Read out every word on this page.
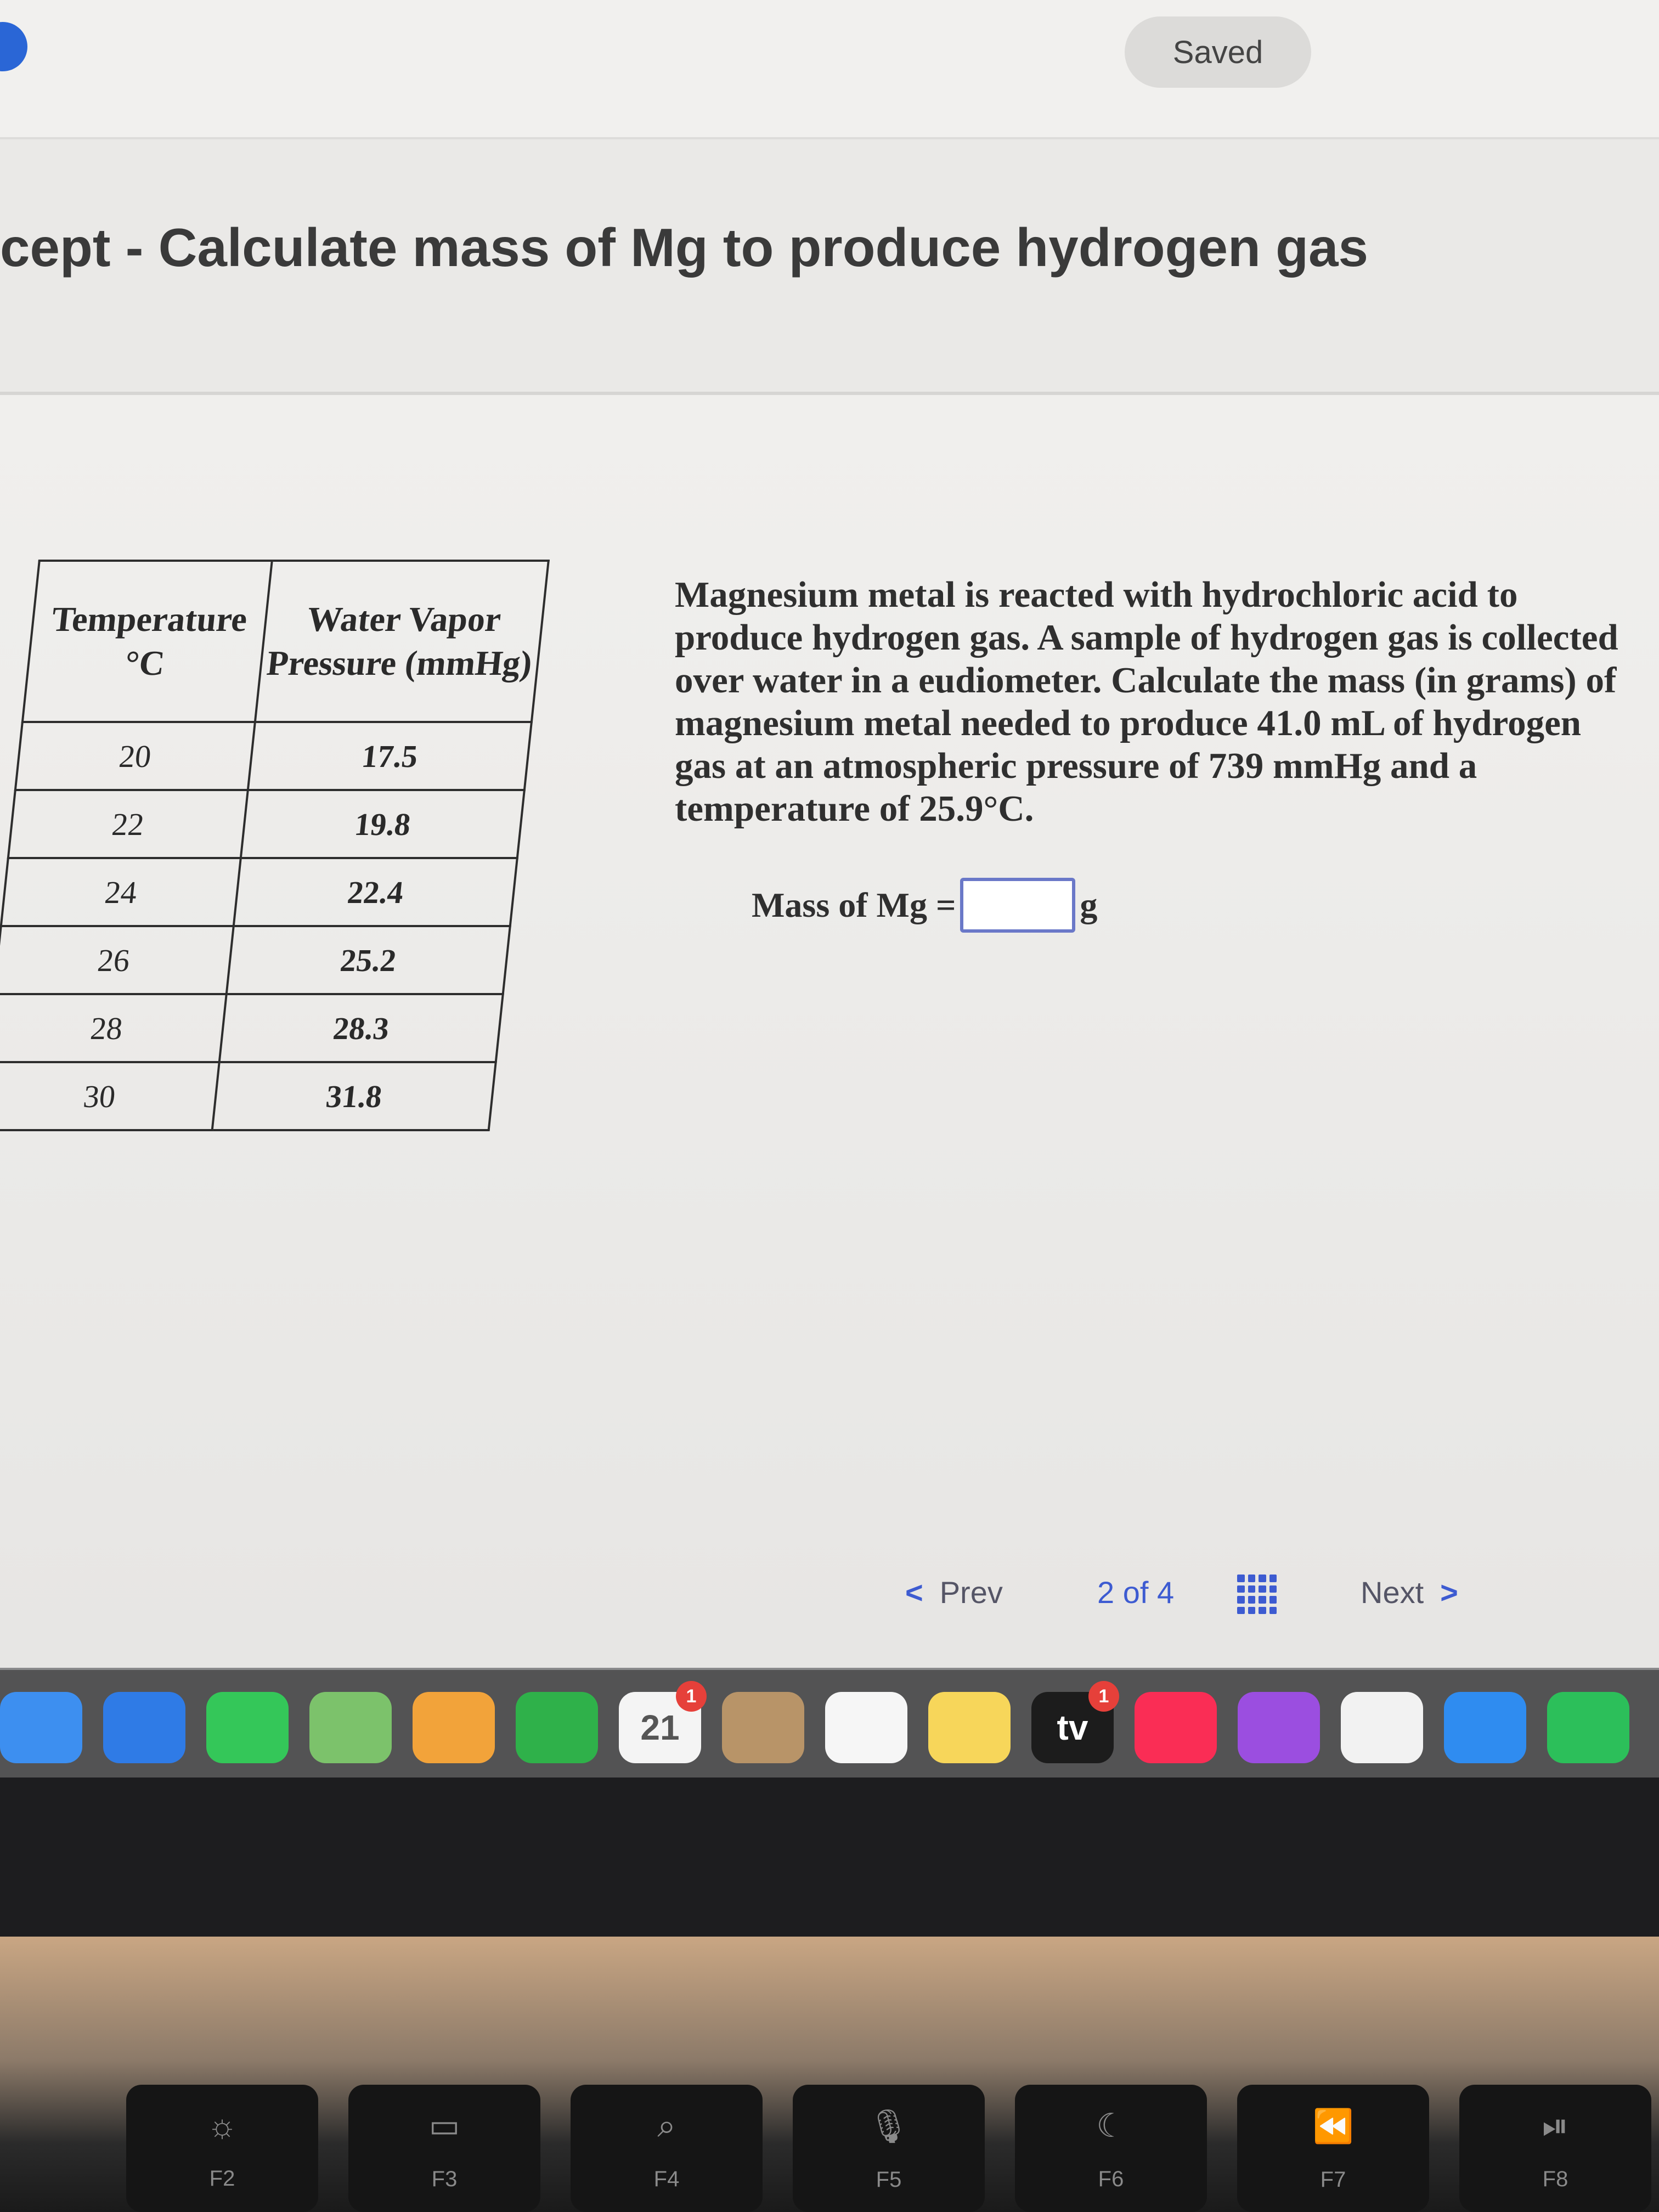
Saved
cept - Calculate mass of Mg to produce hydrogen gas
Temperature °C	Water Vapor Pressure (mmHg)
20	17.5
22	19.8
24	22.4
26	25.2
28	28.3
30	31.8

Magnesium metal is reacted with hydrochloric acid to produce hydrogen gas. A sample of hydrogen gas is collected over water in a eudiometer. Calculate the mass (in grams) of magnesium metal needed to produce 41.0 mL of hydrogen gas at an atmospheric pressure of 739 mmHg and a temperature of 25.9°C.

Mass of Mg =	g
< Prev	2 of 4	Next >
21
1
tv
1
☼
F2
▭
F3
⌕
F4
🎙
F5
☾
F6
⏪
F7
⏯
F8
